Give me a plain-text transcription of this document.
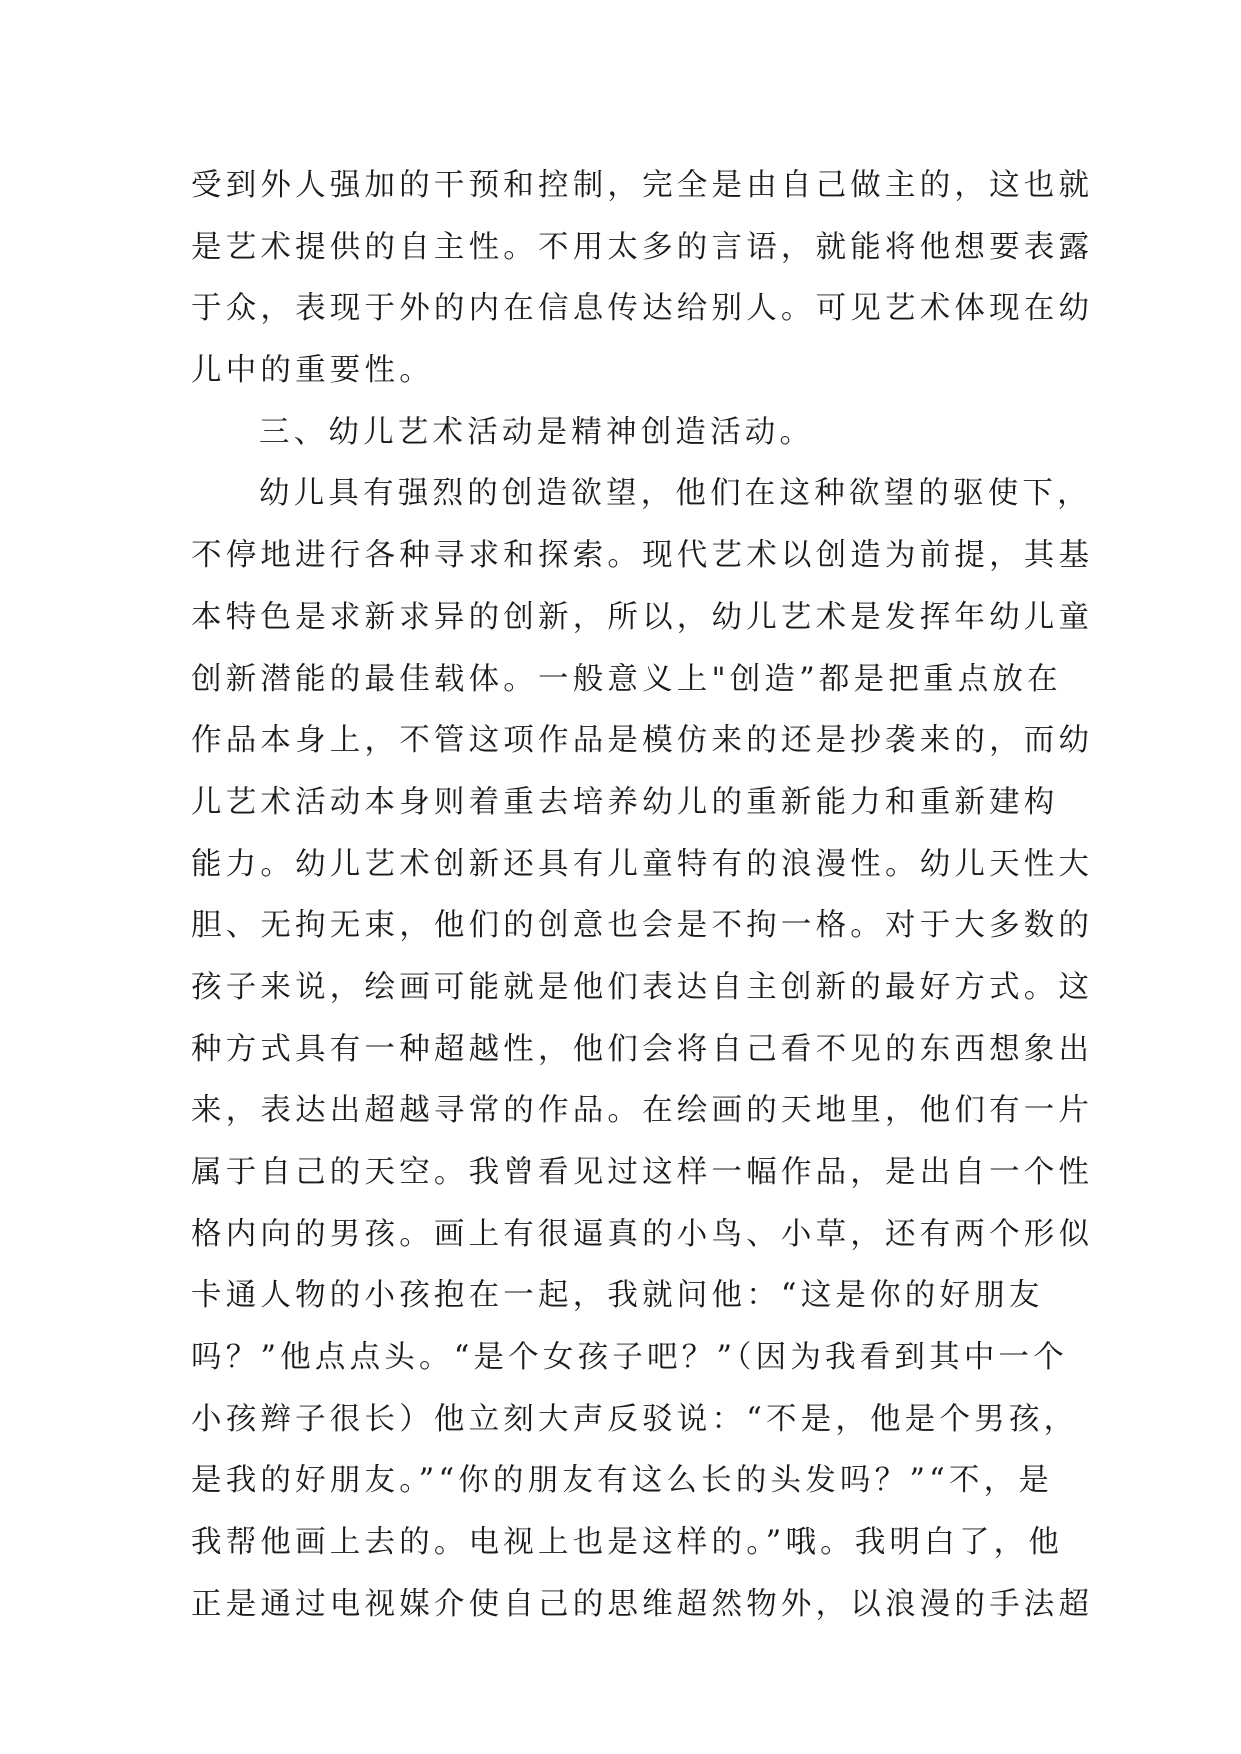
受到外人强加的干预和控制，完全是由自己做主的，这也就
是艺术提供的自主性。不用太多的言语，就能将他想要表露
于众，表现于外的内在信息传达给别人。可见艺术体现在幼
儿中的重要性。
三、幼儿艺术活动是精神创造活动。
幼儿具有强烈的创造欲望，他们在这种欲望的驱使下，
不停地进行各种寻求和探索。现代艺术以创造为前提，其基
本特色是求新求异的创新，所以，幼儿艺术是发挥年幼儿童
创新潜能的最佳载体。一般意义上"创造”都是把重点放在
作品本身上，不管这项作品是模仿来的还是抄袭来的，而幼
儿艺术活动本身则着重去培养幼儿的重新能力和重新建构
能力。幼儿艺术创新还具有儿童特有的浪漫性。幼儿天性大
胆、无拘无束，他们的创意也会是不拘一格。对于大多数的
孩子来说，绘画可能就是他们表达自主创新的最好方式。这
种方式具有一种超越性，他们会将自己看不见的东西想象出
来，表达出超越寻常的作品。在绘画的天地里，他们有一片
属于自己的天空。我曾看见过这样一幅作品，是出自一个性
格内向的男孩。画上有很逼真的小鸟、小草，还有两个形似
卡通人物的小孩抱在一起，我就问他：“这是你的好朋友
吗？”他点点头。“是个女孩子吧？”（因为我看到其中一个
小孩辫子很长）他立刻大声反驳说：“不是，他是个男孩，
是我的好朋友。”“你的朋友有这么长的头发吗？”“不，是
我帮他画上去的。电视上也是这样的。”哦。我明白了，他
正是通过电视媒介使自己的思维超然物外，以浪漫的手法超
